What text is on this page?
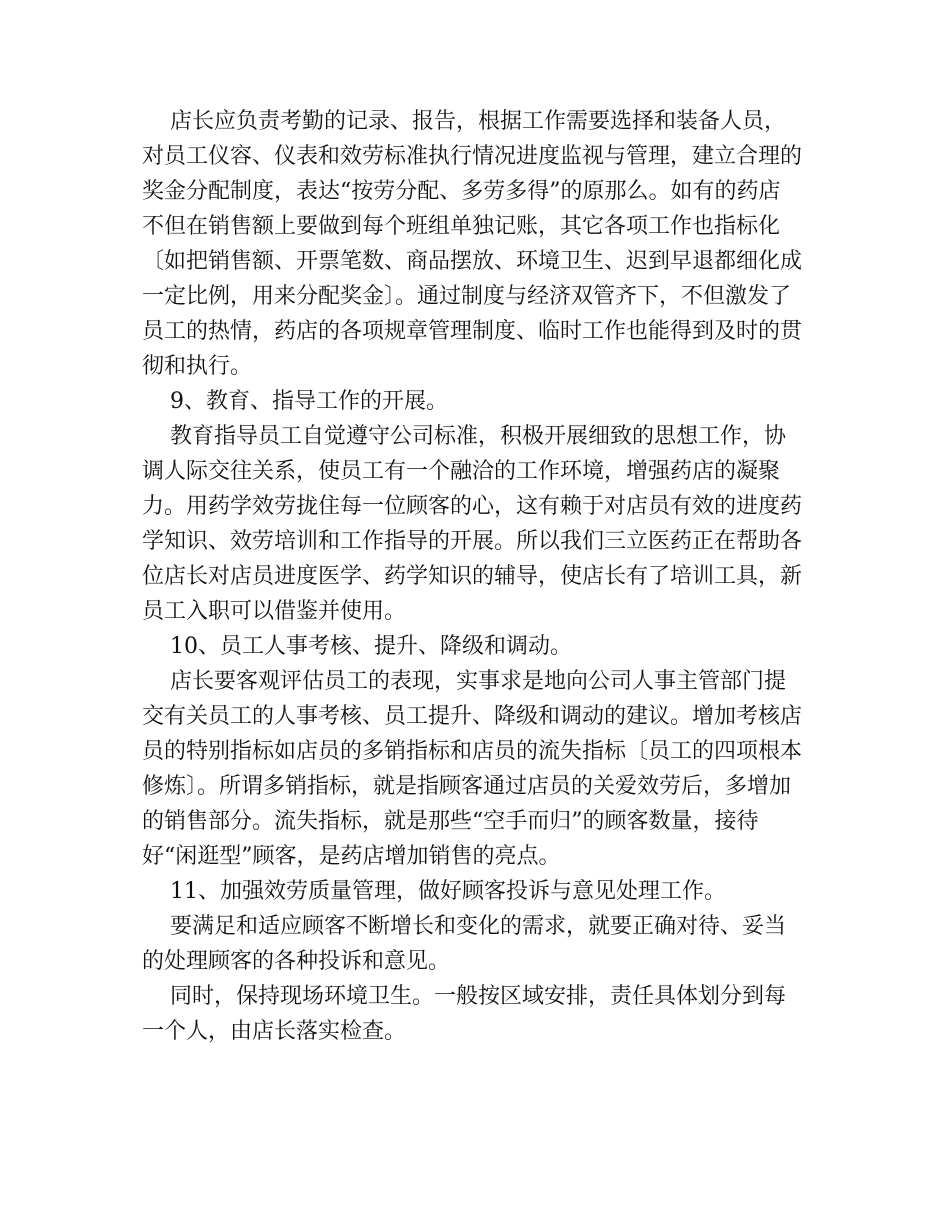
店长应负责考勤的记录、报告，根据工作需要选择和装备人员，
对员工仪容、仪表和效劳标准执行情况进度监视与管理，建立合理的
奖金分配制度，表达“按劳分配、多劳多得”的原那么。如有的药店
不但在销售额上要做到每个班组单独记账，其它各项工作也指标化
〔如把销售额、开票笔数、商品摆放、环境卫生、迟到早退都细化成
一定比例，用来分配奖金〕。通过制度与经济双管齐下，不但激发了
员工的热情，药店的各项规章管理制度、临时工作也能得到及时的贯
彻和执行。
9、教育、指导工作的开展。
教育指导员工自觉遵守公司标准，积极开展细致的思想工作，协
调人际交往关系，使员工有一个融洽的工作环境，增强药店的凝聚
力。用药学效劳拢住每一位顾客的心，这有赖于对店员有效的进度药
学知识、效劳培训和工作指导的开展。所以我们三立医药正在帮助各
位店长对店员进度医学、药学知识的辅导，使店长有了培训工具，新
员工入职可以借鉴并使用。
10、员工人事考核、提升、降级和调动。
店长要客观评估员工的表现，实事求是地向公司人事主管部门提
交有关员工的人事考核、员工提升、降级和调动的建议。增加考核店
员的特别指标如店员的多销指标和店员的流失指标〔员工的四项根本
修炼〕。所谓多销指标，就是指顾客通过店员的关爱效劳后，多增加
的销售部分。流失指标，就是那些“空手而归”的顾客数量，接待
好“闲逛型”顾客，是药店增加销售的亮点。
11、加强效劳质量管理，做好顾客投诉与意见处理工作。
要满足和适应顾客不断增长和变化的需求，就要正确对待、妥当
的处理顾客的各种投诉和意见。
同时，保持现场环境卫生。一般按区域安排，责任具体划分到每
一个人，由店长落实检查。
